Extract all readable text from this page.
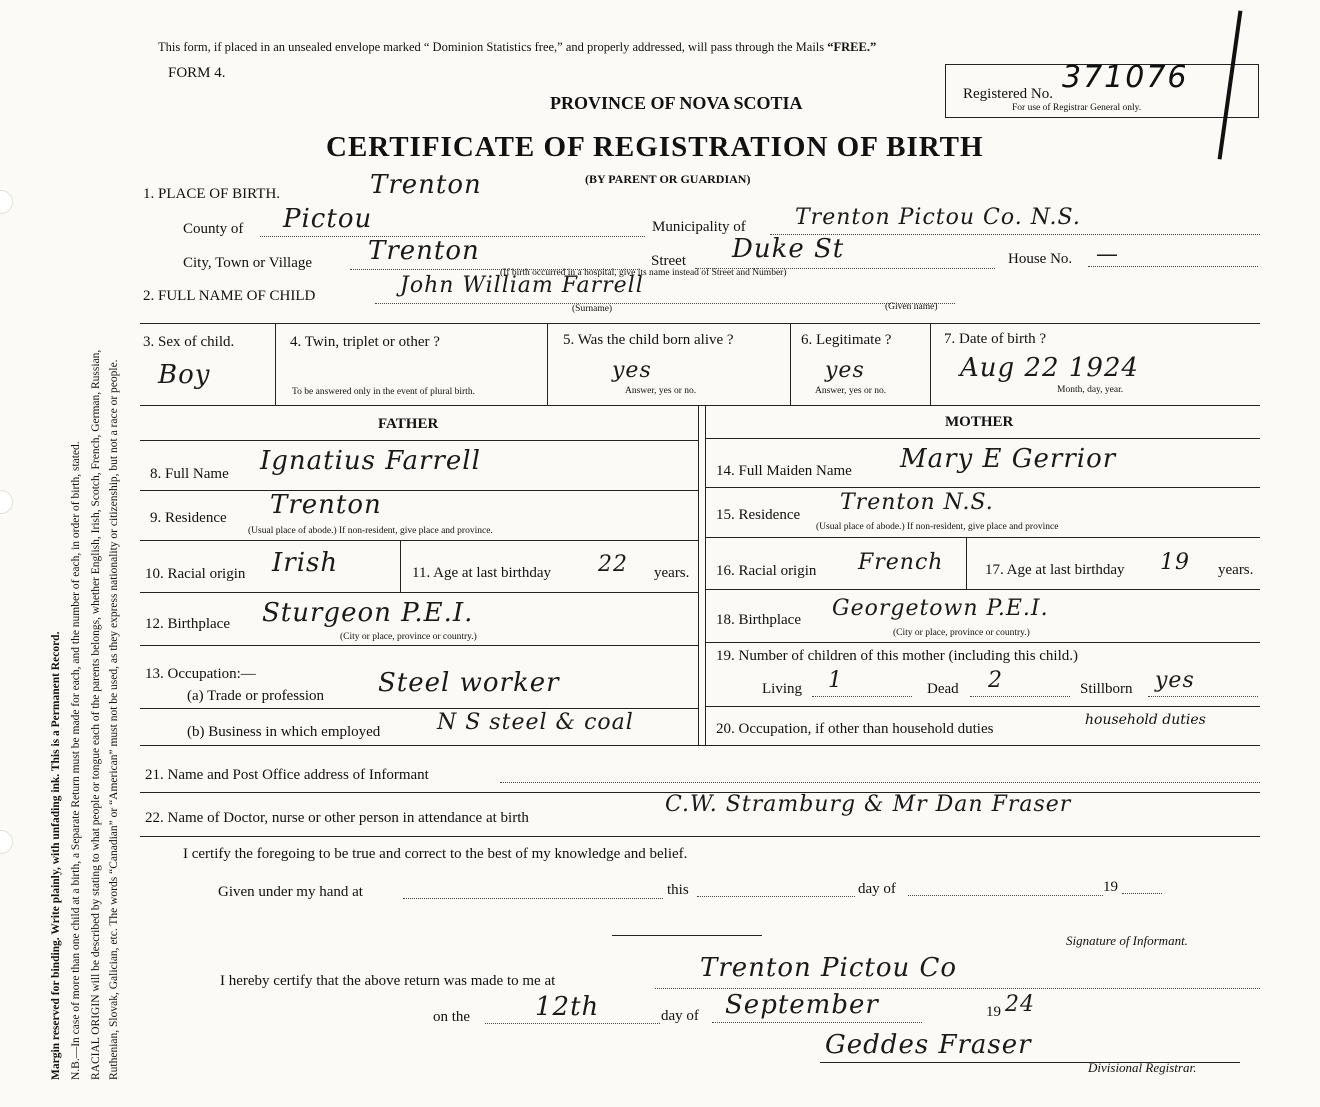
Margin reserved for binding. Write plainly, with unfading ink. This is a Permanent Record. N.B.—In case of more than one child at a birth, a Separate Return must be made for each, and the number of each, in order of birth, stated. RACIAL ORIGIN will be described by stating to what people or tongue each of the parents belongs, whether English, Irish, Scotch, French, German, Russian, Ruthenian, Slovak, Galician, etc. The words “Canadian” or “American” must not be used, as they express nationality or citizenship, but not a race or people.
This form, if placed in an unsealed envelope marked “ Dominion Statistics free,” and properly addressed, will pass through the Mails “FREE.”
FORM 4.
PROVINCE OF NOVA SCOTIA
CERTIFICATE OF REGISTRATION OF BIRTH
(BY PARENT OR GUARDIAN)
Registered No. 371076
For use of Registrar General only.
1. PLACE OF BIRTH.	Trenton
County of Pictou	Municipality of Trenton Pictou Co. N.S.
City, Town or Village Trenton	Street Duke St	House No. —
(If birth occurred in a hospital, give its name instead of Street and Number)
2. FULL NAME OF CHILD	John William Farrell
(Surname)	(Given name)
3. Sex of child.
Boy
4. Twin, triplet or other ?
To be answered only in the event of plural birth.
5. Was the child born alive ?
yes
Answer, yes or no.
6. Legitimate ?
yes
Answer, yes or no.
7. Date of birth ?
Aug 22 1924
Month, day, year.
FATHER	MOTHER
8. Full Name Ignatius Farrell
9. Residence Trenton
(Usual place of abode.) If non-resident, give place and province.
10. Racial origin Irish	11. Age at last birthday 22 years.
12. Birthplace Sturgeon P.E.I.
(City or place, province or country.)
13. Occupation:—
(a) Trade or profession Steel worker
(b) Business in which employed	N S steel & coal
14. Full Maiden Name Mary E Gerrior
15. Residence Trenton N.S.
(Usual place of abode.) If non-resident, give place and province
16. Racial origin French	17. Age at last birthday 19 years.
18. Birthplace Georgetown P.E.I.
(City or place, province or country.)
19. Number of children of this mother (including this child.)
Living 1	Dead 2	Stillborn yes
20. Occupation, if other than household duties
household duties
21. Name and Post Office address of Informant
22. Name of Doctor, nurse or other person in attendance at birth
C.W. Stramburg & Mr Dan Fraser
I certify the foregoing to be true and correct to the best of my knowledge and belief.
Given under my hand at	this	day of	19
Signature of Informant.
I hereby certify that the above return was made to me at	Trenton Pictou Co
on the 12th	day of September	19 24
Geddes Fraser
Divisional Registrar.
